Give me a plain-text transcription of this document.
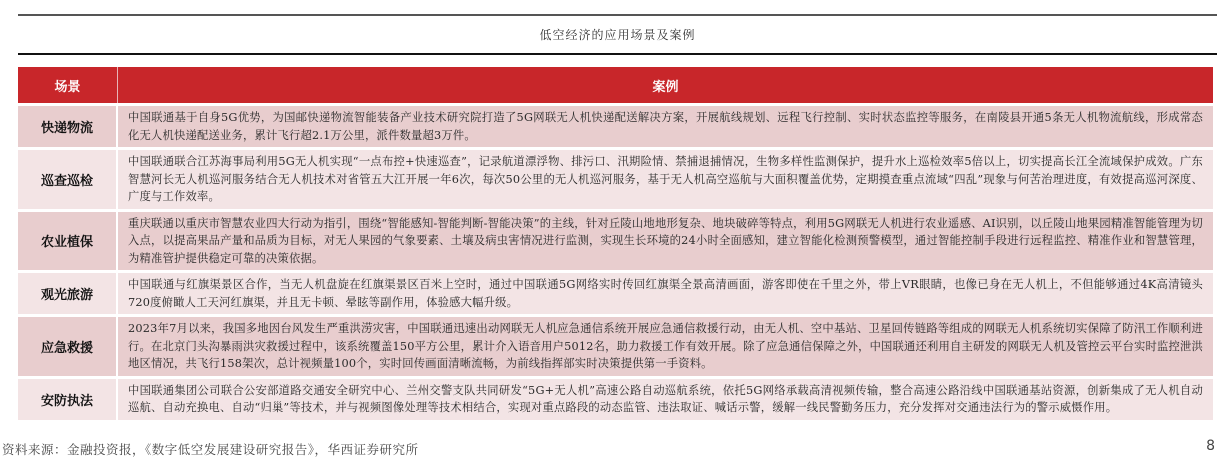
低空经济的应用场景及案例
场景	案例
快递物流	中国联通基于自身5G优势，为国邮快递物流智能装备产业技术研究院打造了5G网联无人机快递配送解决方案，开展航线规划、远程飞行控制、实时状态监控等服务，在南陵县开通5条无人机物流航线，形成常态化无人机快递配送业务，累计飞行超2.1万公里，派件数量超3万件。
巡查巡检	中国联通联合江苏海事局利用5G无人机实现“一点布控+快速巡查”，记录航道漂浮物、排污口、汛期险情、禁捕退捕情况，生物多样性监测保护，提升水上巡检效率5倍以上，切实提高长江全流域保护成效。广东智慧河长无人机巡河服务结合无人机技术对省管五大江开展一年6次，每次50公里的无人机巡河服务，基于无人机高空巡航与大面积覆盖优势，定期摸查重点流域“四乱”现象与何苦治理进度，有效提高巡河深度、广度与工作效率。
农业植保	重庆联通以重庆市智慧农业四大行动为指引，围绕“智能感知-智能判断-智能决策”的主线，针对丘陵山地地形复杂、地块破碎等特点，利用5G网联无人机进行农业遥感、AI识别，以丘陵山地果园精准智能管理为切入点，以提高果品产量和品质为目标，对无人果园的气象要素、土壤及病虫害情况进行监测，实现生长环境的24小时全面感知，建立智能化检测预警模型，通过智能控制手段进行远程监控、精准作业和智慧管理，为精准管护提供稳定可靠的决策依据。
观光旅游	中国联通与红旗渠景区合作，当无人机盘旋在红旗渠景区百米上空时，通过中国联通5G网络实时传回红旗渠全景高清画面，游客即使在千里之外，带上VR眼睛，也像已身在无人机上，不但能够通过4K高清镜头720度俯瞰人工天河红旗渠，并且无卡顿、晕眩等副作用，体验感大幅升级。
应急救援	2023年7月以来，我国多地因台风发生严重洪涝灾害，中国联通迅速出动网联无人机应急通信系统开展应急通信救援行动，由无人机、空中基站、卫星回传链路等组成的网联无人机系统切实保障了防汛工作顺利进行。在北京门头沟暴雨洪灾救援过程中，该系统覆盖150平方公里，累计介入语音用户5012名，助力救援工作有效开展。除了应急通信保障之外，中国联通还利用自主研发的网联无人机及管控云平台实时监控泄洪地区情况，共飞行158架次，总计视频量100个，实时回传画面清晰流畅，为前线指挥部实时决策提供第一手资料。
安防执法	中国联通集团公司联合公安部道路交通安全研究中心、兰州交警支队共同研发“5G+无人机”高速公路自动巡航系统，依托5G网络承载高清视频传输，整合高速公路沿线中国联通基站资源，创新集成了无人机自动巡航、自动充换电、自动“归巢”等技术，并与视频图像处理等技术相结合，实现对重点路段的动态监管、违法取证、喊话示警，缓解一线民警勤务压力，充分发挥对交通违法行为的警示威慑作用。
资料来源：金融投资报，《数字低空发展建设研究报告》，华西证券研究所	8
